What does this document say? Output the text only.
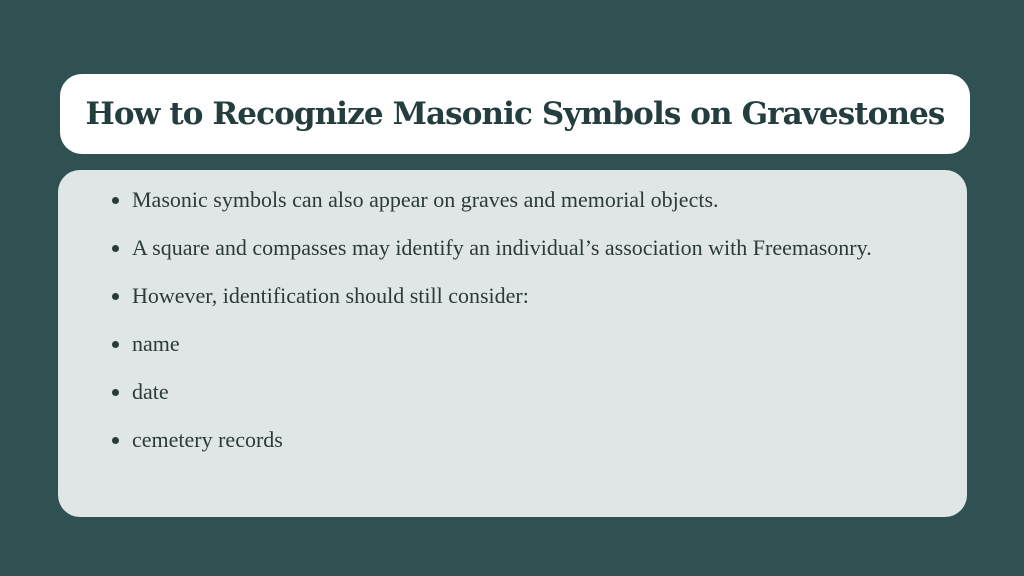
How to Recognize Masonic Symbols on Gravestones
Masonic symbols can also appear on graves and memorial objects.
A square and compasses may identify an individual’s association with Freemasonry.
However, identification should still consider:
name
date
cemetery records
